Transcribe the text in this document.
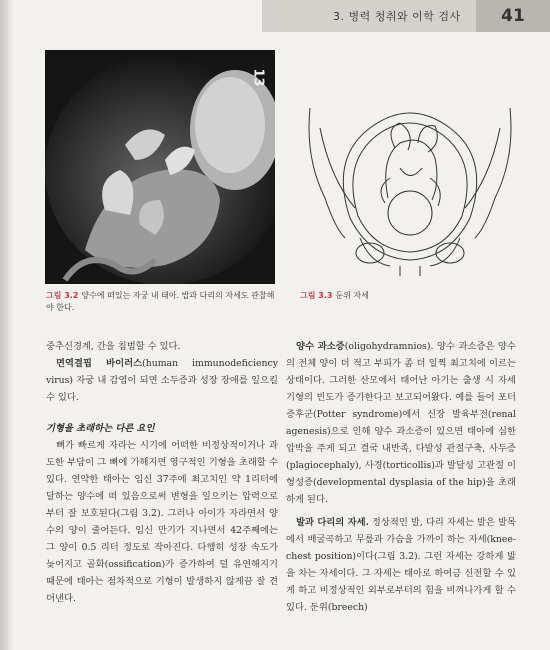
3. 병력 청취와 이학 검사	41
13
그림 3.2 양수에 떠있는 자궁 내 태아. 밥과 다리의 자세도 관찰해야 한다.
그림 3.3 둔위 자세

중추신경계, 간을 침범할 수 있다.

면역결핍 바이러스(human immunodeficiency virus) 자궁 내 감염이 되면 소두증과 성장 장애를 일으킬 수 있다.

기형을 초래하는 다른 요인

뼈가 빠르게 자라는 시기에 어떠한 비정상적이거나 과도한 부담이 그 뼈에 가해지면 영구적인 기형을 초래할 수 있다. 연약한 태아는 임신 37주에 최고치인 약 1리터에 달하는 양수에 떠 있음으로써 변형을 일으키는 압력으로부터 잘 보호된다(그림 3.2). 그러나 아이가 자라면서 양수의 양이 줄어든다. 임신 만기가 지나면서 42주째에는 그 양이 0.5 리터 정도로 작아진다. 다행히 성장 속도가 늦어지고 골화(ossification)가 증가하여 덜 유연해지기 때문에 태아는 점차적으로 기형이 발생하지 않게끔 잘 견뎌낸다.

양수 과소증(oligohydramnios). 양수 과소증은 양수의 전체 양이 더 적고 부피가 좀 더 일찍 최고치에 이르는 상태이다. 그러한 산모에서 태어난 아기는 출생 시 자세 기형의 빈도가 증가한다고 보고되어왔다. 예를 들어 포터 증후군(Potter syndrome)에서 신장 발육부전(renal agenesis)으로 인해 양수 과소증이 있으면 태아에 심한 압박을 주게 되고 결국 내반족, 다발성 관절구축, 사두증(plagiocephaly), 사경(torticollis)과 발달성 고관절 이형성증(developmental dysplasia of the hip)을 초래하게 된다.

발과 다리의 자세. 정상적인 발, 다리 자세는 발은 발목에서 배굴곡하고 무릎과 가슴을 가까이 하는 자세(knee-chest position)이다(그림 3.2). 그런 자세는 강하게 밟을 차는 자세이다. 그 자세는 태아로 하여금 신전할 수 있게 하고 비정상적인 외부로부터의 힘을 비껴나가게 할 수 있다. 둔위(breech)
